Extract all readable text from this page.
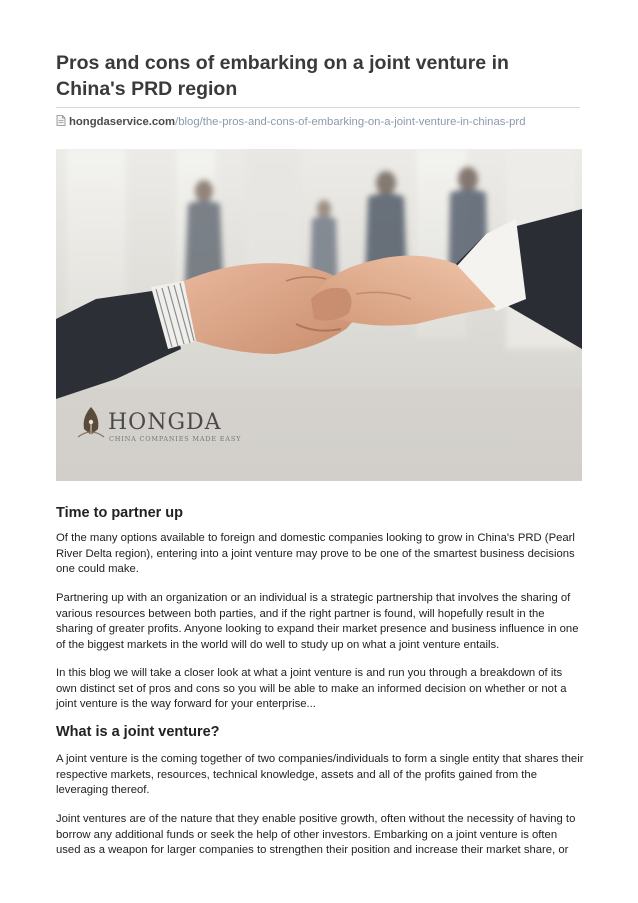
Pros and cons of embarking on a joint venture in China's PRD region
hongdaservice.com/blog/the-pros-and-cons-of-embarking-on-a-joint-venture-in-chinas-prd
HONGDA
CHINA COMPANIES MADE EASY
Time to partner up

Of the many options available to foreign and domestic companies looking to grow in China's PRD (Pearl River Delta region), entering into a joint venture may prove to be one of the smartest business decisions one could make.

Partnering up with an organization or an individual is a strategic partnership that involves the sharing of various resources between both parties, and if the right partner is found, will hopefully result in the sharing of greater profits. Anyone looking to expand their market presence and business influence in one of the biggest markets in the world will do well to study up on what a joint venture entails.

In this blog we will take a closer look at what a joint venture is and run you through a breakdown of its own distinct set of pros and cons so you will be able to make an informed decision on whether or not a joint venture is the way forward for your enterprise...

What is a joint venture?

A joint venture is the coming together of two companies/individuals to form a single entity that shares their respective markets, resources, technical knowledge, assets and all of the profits gained from the leveraging thereof.

Joint ventures are of the nature that they enable positive growth, often without the necessity of having to borrow any additional funds or seek the help of other investors. Embarking on a joint venture is often used as a weapon for larger companies to strengthen their position and increase their market share, or
